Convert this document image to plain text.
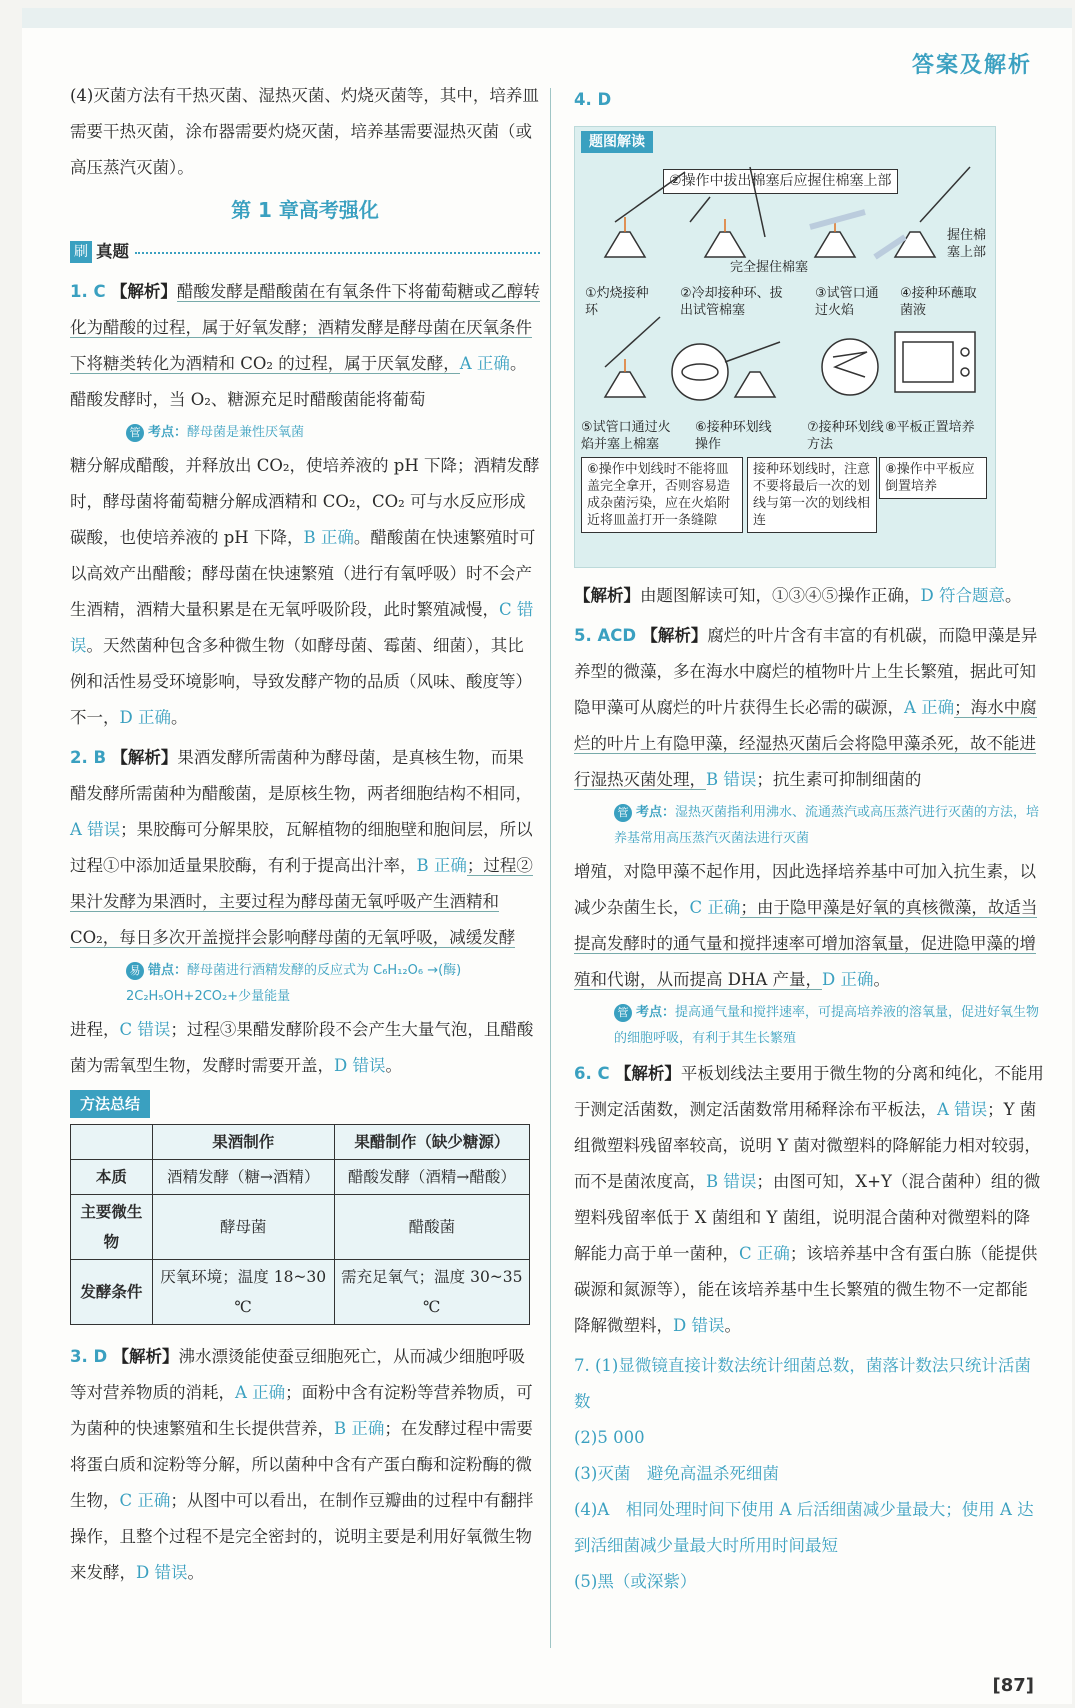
答案及解析

(4)灭菌方法有干热灭菌、湿热灭菌、灼烧灭菌等，其中，培养皿需要干热灭菌，涂布器需要灼烧灭菌，培养基需要湿热灭菌（或高压蒸汽灭菌）。

第 1 章高考强化
刷 真题

1. C 【解析】醋酸发酵是醋酸菌在有氧条件下将葡萄糖或乙醇转化为醋酸的过程，属于好氧发酵；酒精发酵是酵母菌在厌氧条件下将糖类转化为酒精和 CO₂ 的过程，属于厌氧发酵，A 正确。醋酸发酵时，当 O₂、糖源充足时醋酸菌能将葡萄

管 考点：酵母菌是兼性厌氧菌

糖分解成醋酸，并释放出 CO₂，使培养液的 pH 下降；酒精发酵时，酵母菌将葡萄糖分解成酒精和 CO₂，CO₂ 可与水反应形成碳酸，也使培养液的 pH 下降，B 正确。醋酸菌在快速繁殖时可以高效产出醋酸；酵母菌在快速繁殖（进行有氧呼吸）时不会产生酒精，酒精大量积累是在无氧呼吸阶段，此时繁殖减慢，C 错误。天然菌种包含多种微生物（如酵母菌、霉菌、细菌），其比例和活性易受环境影响，导致发酵产物的品质（风味、酸度等）不一，D 正确。

2. B 【解析】果酒发酵所需菌种为酵母菌，是真核生物，而果醋发酵所需菌种为醋酸菌，是原核生物，两者细胞结构不相同，A 错误；果胶酶可分解果胶，瓦解植物的细胞壁和胞间层，所以过程①中添加适量果胶酶，有利于提高出汁率，B 正确；过程②果汁发酵为果酒时，主要过程为酵母菌无氧呼吸产生酒精和 CO₂，每日多次开盖搅拌会影响酵母菌的无氧呼吸，减缓发酵

易 错点：酵母菌进行酒精发酵的反应式为 C₆H₁₂O₆ →(酶) 2C₂H₅OH+2CO₂+少量能量

进程，C 错误；过程③果醋发酵阶段不会产生大量气泡，且醋酸菌为需氧型生物，发酵时需要开盖，D 错误。

方法总结
	果酒制作	果醋制作（缺少糖源）
本质	酒精发酵（糖→酒精）	醋酸发酵（酒精→醋酸）
主要微生物	酵母菌	醋酸菌
发酵条件	厌氧环境；温度 18~30 ℃	需充足氧气；温度 30~35 ℃

3. D 【解析】沸水漂烫能使蚕豆细胞死亡，从而减少细胞呼吸等对营养物质的消耗，A 正确；面粉中含有淀粉等营养物质，可为菌种的快速繁殖和生长提供营养，B 正确；在发酵过程中需要将蛋白质和淀粉等分解，所以菌种中含有产蛋白酶和淀粉酶的微生物，C 正确；从图中可以看出，在制作豆瓣曲的过程中有翻拌操作，且整个过程不是完全密封的，说明主要是利用好氧微生物来发酵，D 错误。

4. D

题图解读
②操作中拔出棉塞后应握住棉塞上部
完全握住棉塞
握住棉塞上部
①灼烧接种环
②冷却接种环、拔出试管棉塞
③试管口通过火焰
④接种环蘸取菌液
⑤试管口通过火焰并塞上棉塞
⑥接种环划线操作
⑦接种环划线方法
⑧平板正置培养
⑥操作中划线时不能将皿盖完全拿开，否则容易造成杂菌污染，应在火焰附近将皿盖打开一条缝隙
接种环划线时，注意不要将最后一次的划线与第一次的划线相连
⑧操作中平板应倒置培养

【解析】由题图解读可知，①③④⑤操作正确，D 符合题意。

5. ACD 【解析】腐烂的叶片含有丰富的有机碳，而隐甲藻是异养型的微藻，多在海水中腐烂的植物叶片上生长繁殖，据此可知隐甲藻可从腐烂的叶片获得生长必需的碳源，A 正确；海水中腐烂的叶片上有隐甲藻，经湿热灭菌后会将隐甲藻杀死，故不能进行湿热灭菌处理，B 错误；抗生素可抑制细菌的

管 考点：湿热灭菌指利用沸水、流通蒸汽或高压蒸汽进行灭菌的方法，培养基常用高压蒸汽灭菌法进行灭菌

增殖，对隐甲藻不起作用，因此选择培养基中可加入抗生素，以减少杂菌生长，C 正确；由于隐甲藻是好氧的真核微藻，故适当提高发酵时的通气量和搅拌速率可增加溶氧量，促进隐甲藻的增殖和代谢，从而提高 DHA 产量，D 正确。

管 考点：提高通气量和搅拌速率，可提高培养液的溶氧量，促进好氧生物的细胞呼吸，有利于其生长繁殖

6. C 【解析】平板划线法主要用于微生物的分离和纯化，不能用于测定活菌数，测定活菌数常用稀释涂布平板法，A 错误；Y 菌组微塑料残留率较高，说明 Y 菌对微塑料的降解能力相对较弱，而不是菌浓度高，B 错误；由图可知，X+Y（混合菌种）组的微塑料残留率低于 X 菌组和 Y 菌组，说明混合菌种对微塑料的降解能力高于单一菌种，C 正确；该培养基中含有蛋白胨（能提供碳源和氮源等），能在该培养基中生长繁殖的微生物不一定都能降解微塑料，D 错误。

7. (1)显微镜直接计数法统计细菌总数，菌落计数法只统计活菌数

(2)5 000

(3)灭菌　避免高温杀死细菌

(4)A　相同处理时间下使用 A 后活细菌减少量最大；使用 A 达到活细菌减少量最大时所用时间最短

(5)黑（或深紫）

[87]
